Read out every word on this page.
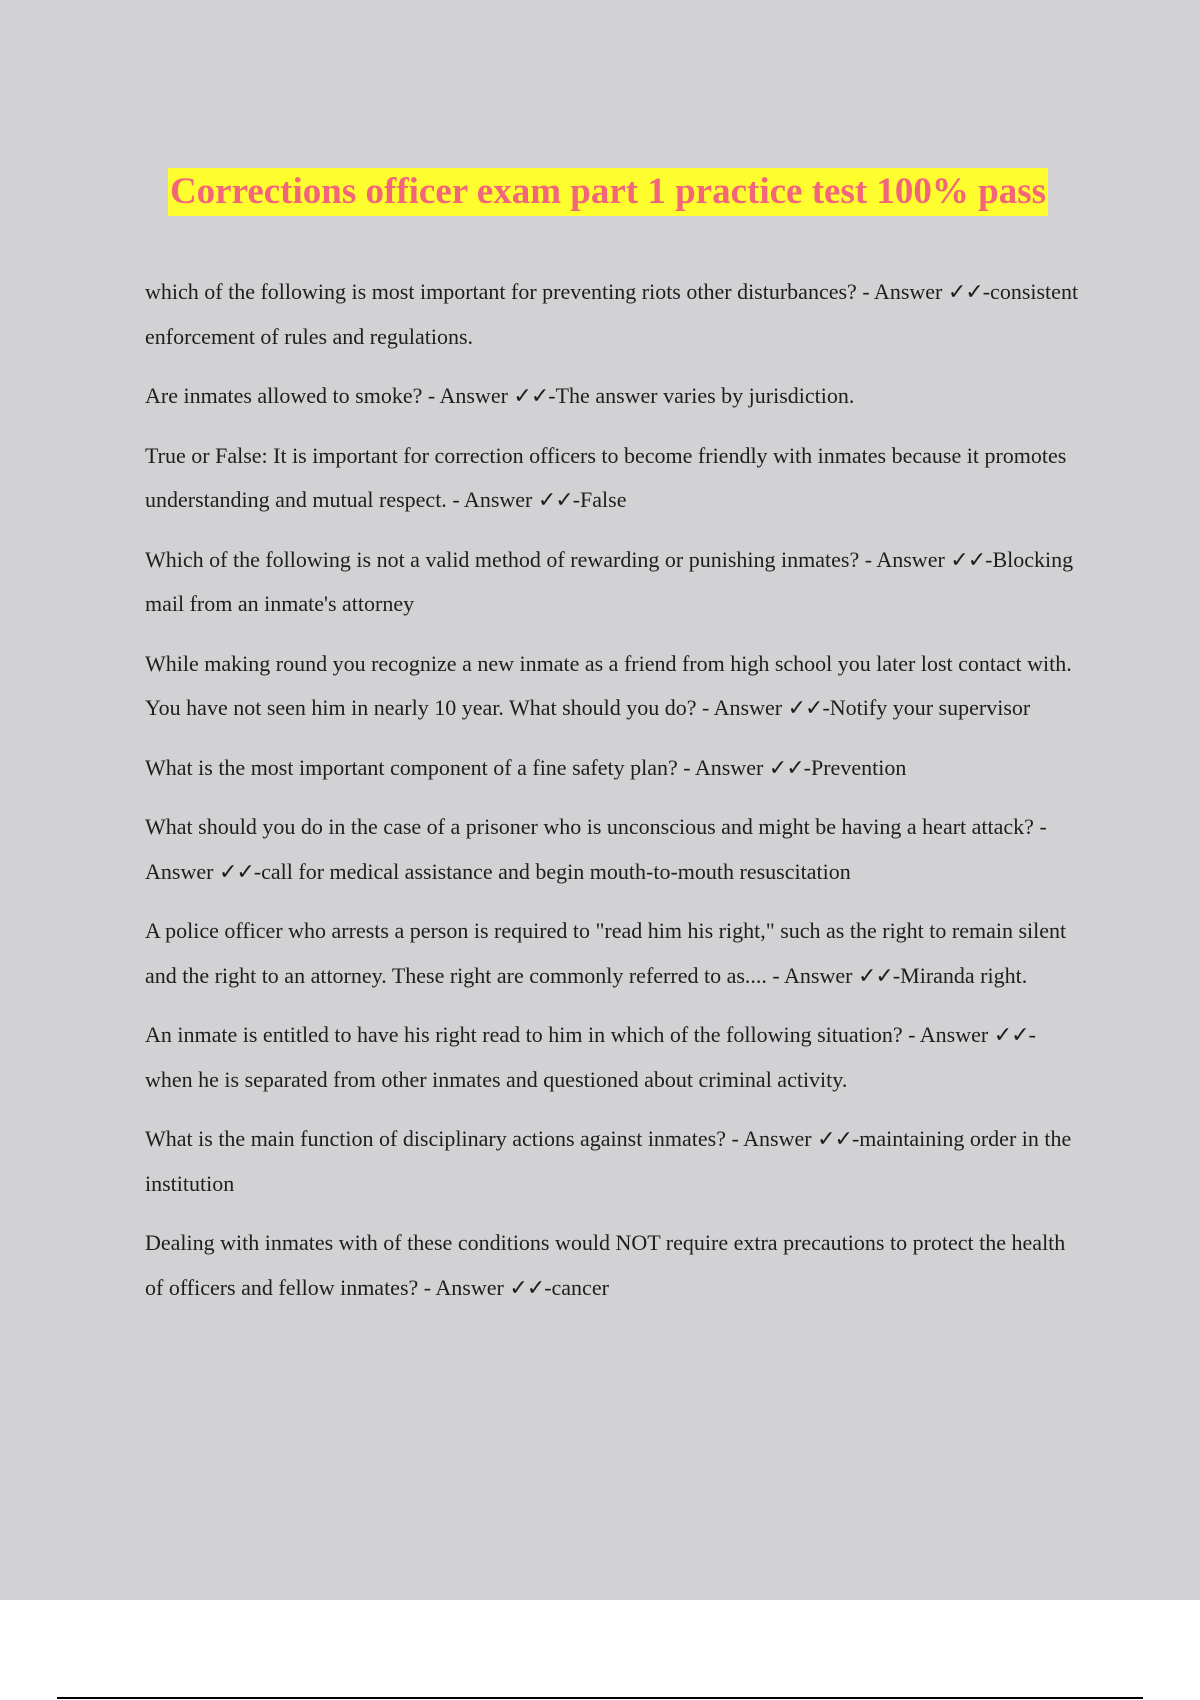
Corrections officer exam part 1 practice test 100% pass
which of the following is most important for preventing riots other disturbances? - Answer ✓✓-consistent enforcement of rules and regulations.
Are inmates allowed to smoke? - Answer ✓✓-The answer varies by jurisdiction.
True or False: It is important for correction officers to become friendly with inmates because it promotes understanding and mutual respect. - Answer ✓✓-False
Which of the following is not a valid method of rewarding or punishing inmates? - Answer ✓✓-Blocking mail from an inmate's attorney
While making round you recognize a new inmate as a friend from high school you later lost contact with. You have not seen him in nearly 10 year. What should you do? - Answer ✓✓-Notify your supervisor
What is the most important component of a fine safety plan? - Answer ✓✓-Prevention
What should you do in the case of a prisoner who is unconscious and might be having a heart attack? - Answer ✓✓-call for medical assistance and begin mouth-to-mouth resuscitation
A police officer who arrests a person is required to "read him his right," such as the right to remain silent and the right to an attorney. These right are commonly referred to as.... - Answer ✓✓-Miranda right.
An inmate is entitled to have his right read to him in which of the following situation? - Answer ✓✓-when he is separated from other inmates and questioned about criminal activity.
What is the main function of disciplinary actions against inmates? - Answer ✓✓-maintaining order in the institution
Dealing with inmates with of these conditions would NOT require extra precautions to protect the health of officers and fellow inmates? - Answer ✓✓-cancer
